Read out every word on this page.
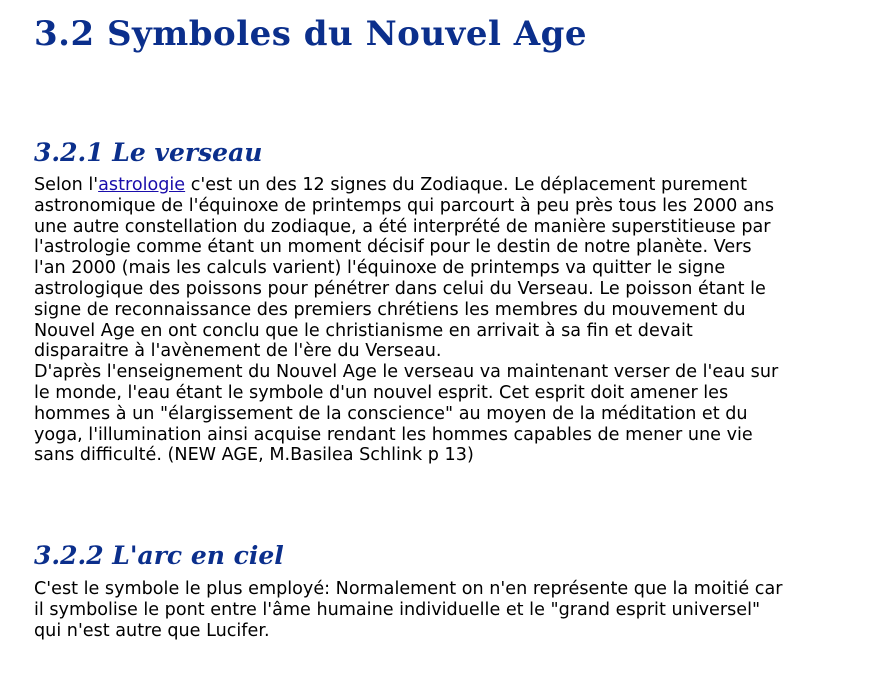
3.2 Symboles du Nouvel Age
3.2.1 Le verseau
Selon l'astrologie c'est un des 12 signes du Zodiaque. Le déplacement purement
astronomique de l'équinoxe de printemps qui parcourt à peu près tous les 2000 ans
une autre constellation du zodiaque, a été interprété de manière superstitieuse par
l'astrologie comme étant un moment décisif pour le destin de notre planète. Vers
l'an 2000 (mais les calculs varient) l'équinoxe de printemps va quitter le signe
astrologique des poissons pour pénétrer dans celui du Verseau. Le poisson étant le
signe de reconnaissance des premiers chrétiens les membres du mouvement du
Nouvel Age en ont conclu que le christianisme en arrivait à sa fin et devait
disparaitre à l'avènement de l'ère du Verseau.
D'après l'enseignement du Nouvel Age le verseau va maintenant verser de l'eau sur
le monde, l'eau étant le symbole d'un nouvel esprit. Cet esprit doit amener les
hommes à un "élargissement de la conscience" au moyen de la méditation et du
yoga, l'illumination ainsi acquise rendant les hommes capables de mener une vie
sans difficulté. (NEW AGE, M.Basilea Schlink p 13)
3.2.2 L'arc en ciel
C'est le symbole le plus employé: Normalement on n'en représente que la moitié car
il symbolise le pont entre l'âme humaine individuelle et le "grand esprit universel"
qui n'est autre que Lucifer.
